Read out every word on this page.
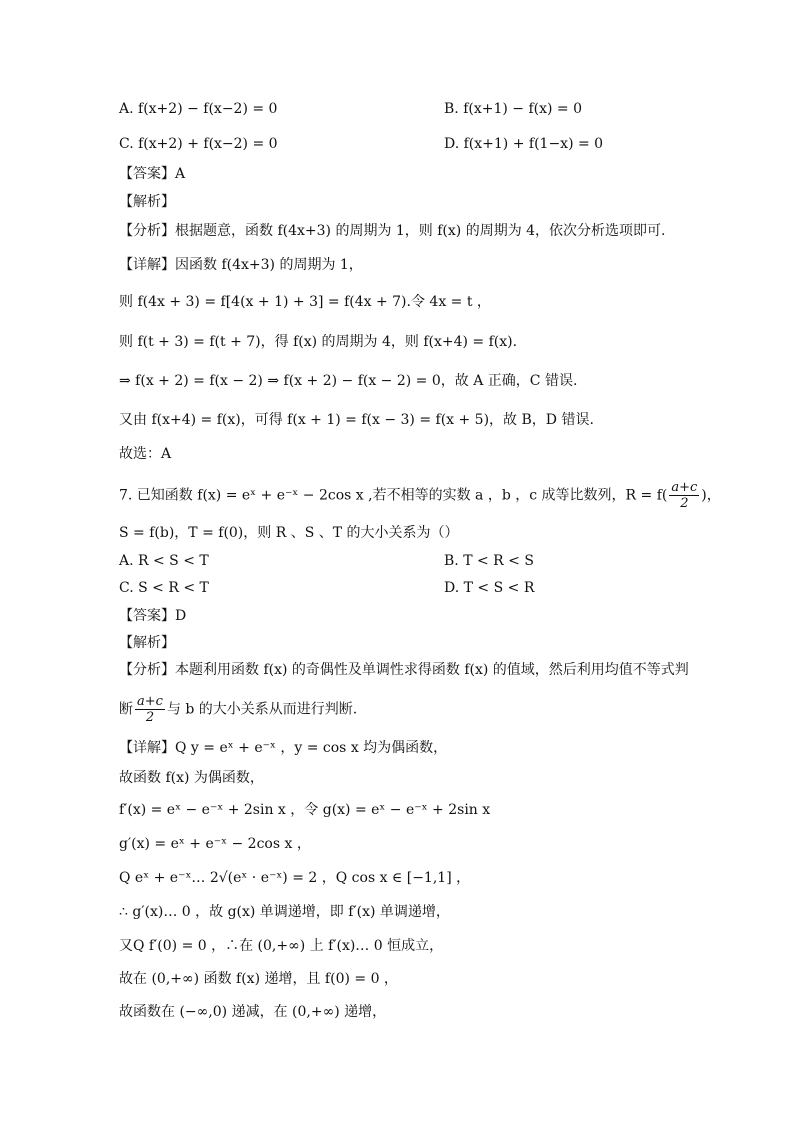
A. f(x+2) − f(x−2) = 0	B. f(x+1) − f(x) = 0
C. f(x+2) + f(x−2) = 0	D. f(x+1) + f(1−x) = 0
【答案】A
【解析】
【分析】根据题意，函数 f(4x+3) 的周期为 1，则 f(x) 的周期为 4，依次分析选项即可.
【详解】因函数 f(4x+3) 的周期为 1，
则 f(4x + 3) = f[4(x + 1) + 3] = f(4x + 7).令 4x = t ，
则 f(t + 3) = f(t + 7)，得 f(x) 的周期为 4，则 f(x+4) = f(x).
⇒ f(x + 2) = f(x − 2) ⇒ f(x + 2) − f(x − 2) = 0，故 A 正确，C 错误.
又由 f(x+4) = f(x)，可得 f(x + 1) = f(x − 3) = f(x + 5)，故 B，D 错误.
故选：A
7. 已知函数 f(x) = eˣ + e⁻ˣ − 2cos x ,若不相等的实数 a ，b ，c 成等比数列，$R = f( \frac{a+c}{2}$ )，
S = f(b)，T = f(0)，则 R 、S 、T 的大小关系为（）
A. R < S < T	B. T < R < S
C. S < R < T	D. T < S < R
【答案】D
【解析】
【分析】本题利用函数 f(x) 的奇偶性及单调性求得函数 f(x) 的值域，然后利用均值不等式判
断 $\frac{a+c}{2}$ 与 b 的大小关系从而进行判断.
【详解】Q y = eˣ + e⁻ˣ ，y = cos x 均为偶函数，
故函数 f(x) 为偶函数，
f′(x) = eˣ − e⁻ˣ + 2sin x ，令 g(x) = eˣ − e⁻ˣ + 2sin x
g′(x) = eˣ + e⁻ˣ − 2cos x ，
Q eˣ + e⁻ˣ… 2√(eˣ · e⁻ˣ) = 2 ，Q cos x ∈ [−1,1] ，
∴ g′(x)… 0 ，故 g(x) 单调递增，即 f′(x) 单调递增，
又Q f′(0) = 0 ，∴在 (0,+∞) 上 f′(x)… 0 恒成立，
故在 (0,+∞) 函数 f(x) 递增，且 f(0) = 0 ，
故函数在 (−∞,0) 递减，在 (0,+∞) 递增，
